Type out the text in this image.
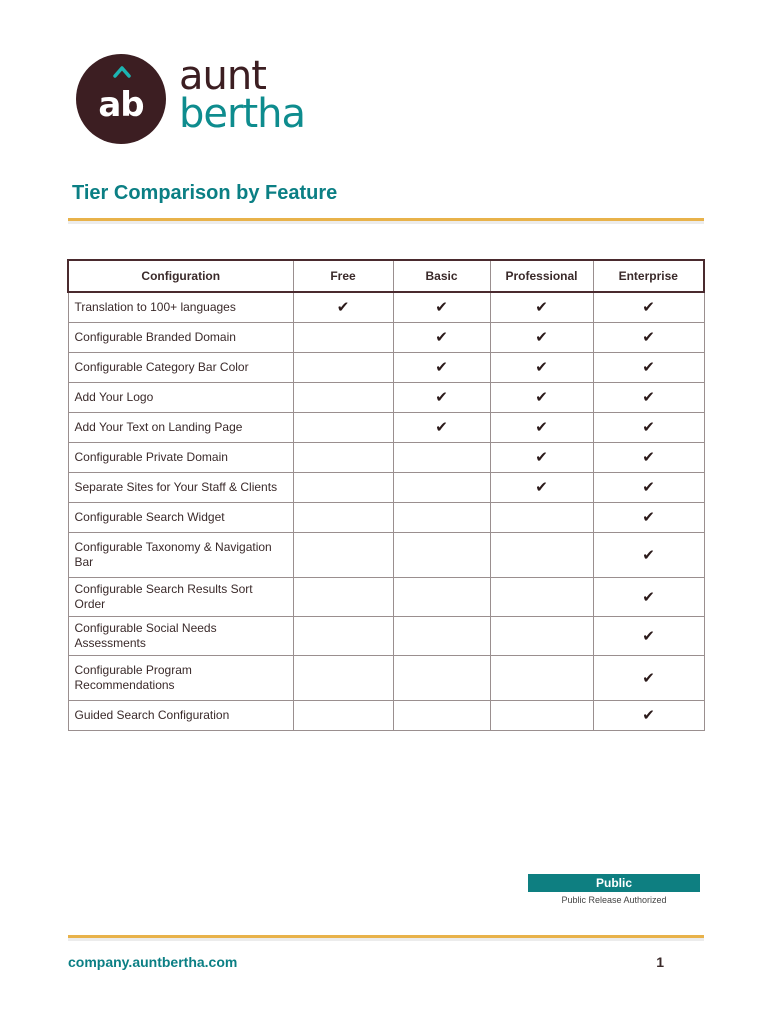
ab
aunt
bertha
Tier Comparison by Feature
Configuration	Free	Basic	Professional	Enterprise
Translation to 100+ languages	✔	✔	✔	✔
Configurable Branded Domain		✔	✔	✔
Configurable Category Bar Color		✔	✔	✔
Add Your Logo		✔	✔	✔
Add Your Text on Landing Page		✔	✔	✔
Configurable Private Domain			✔	✔
Separate Sites for Your Staff & Clients			✔	✔
Configurable Search Widget				✔
Configurable Taxonomy & Navigation Bar				✔
Configurable Search Results Sort Order				✔
Configurable Social Needs Assessments				✔
Configurable Program Recommendations				✔
Guided Search Configuration				✔
Public
Public Release Authorized
company.auntbertha.com	1
